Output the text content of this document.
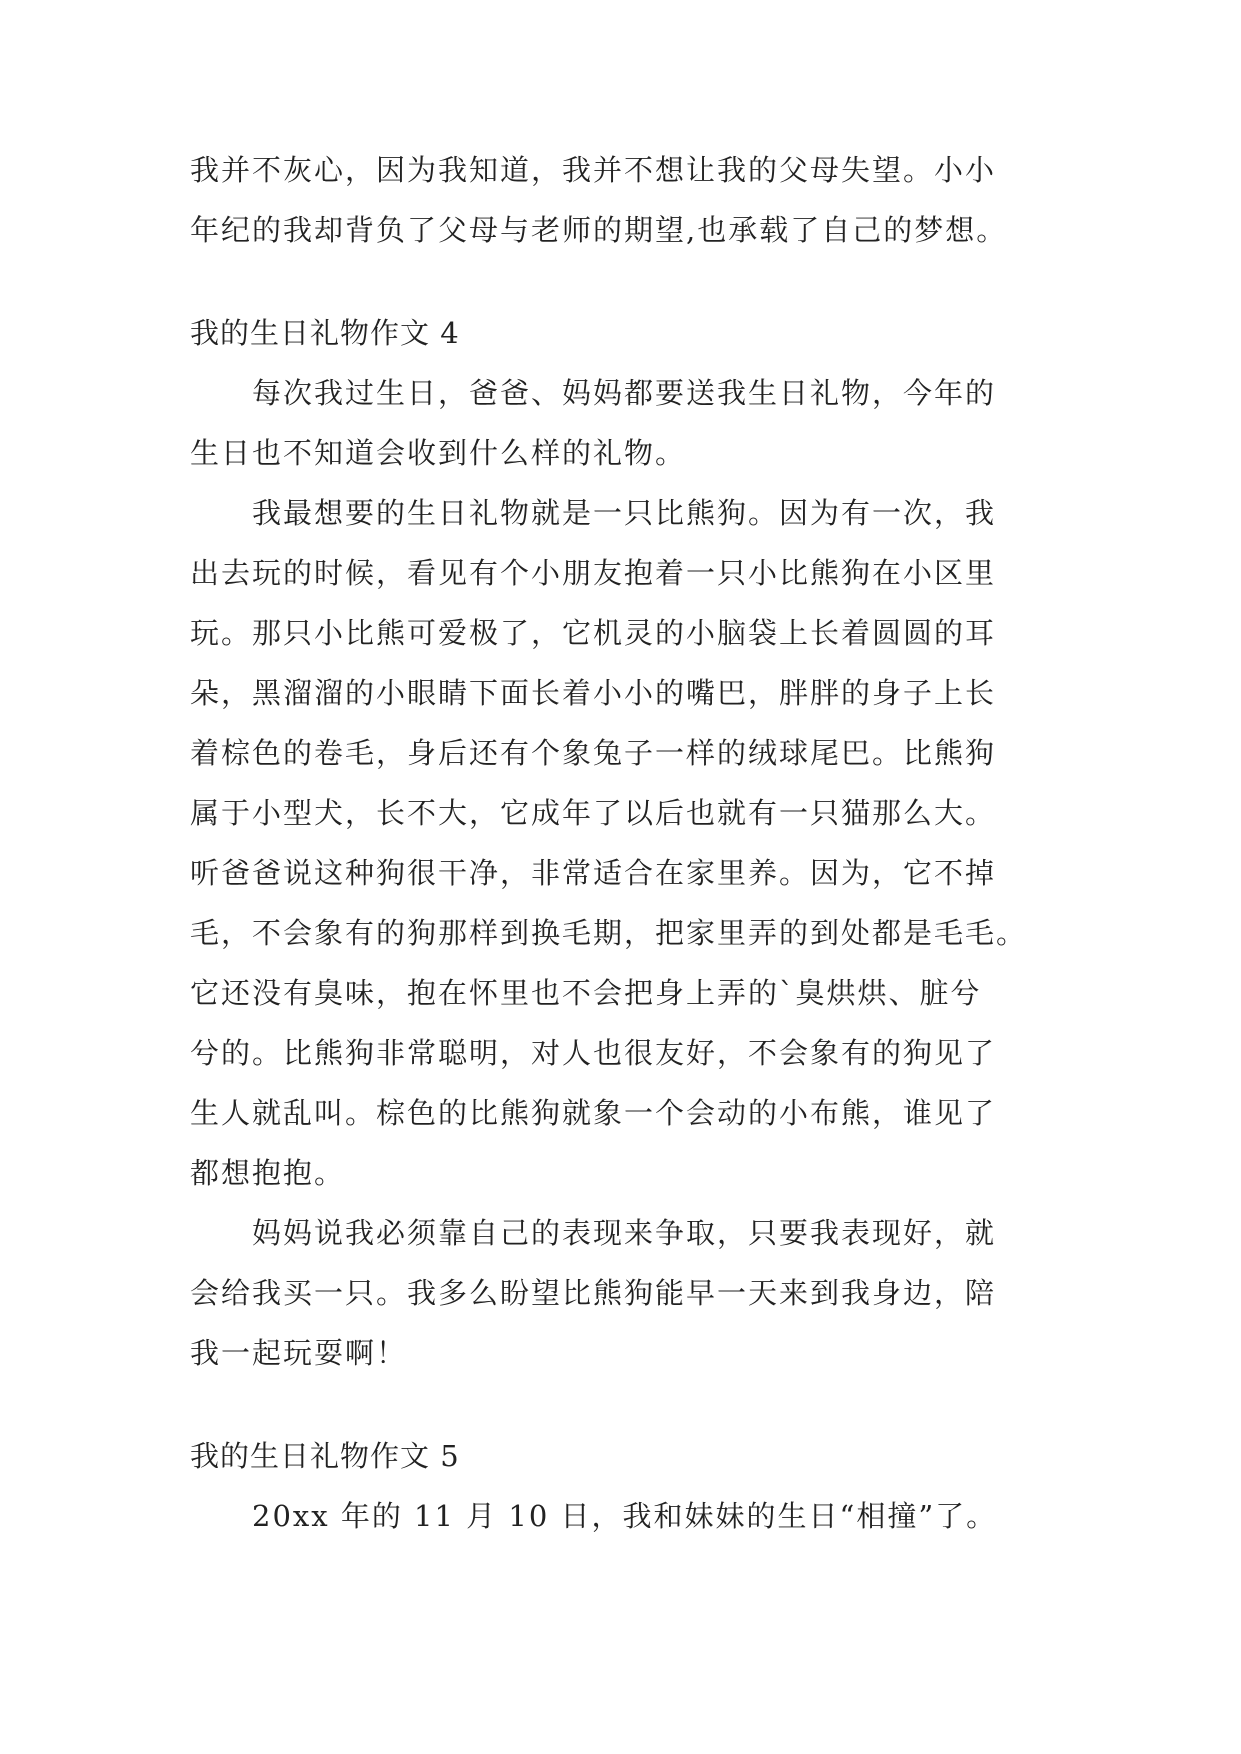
我并不灰心，因为我知道，我并不想让我的父母失望。小小
年纪的我却背负了父母与老师的期望,也承载了自己的梦想。
我的生日礼物作文 4
每次我过生日，爸爸、妈妈都要送我生日礼物，今年的
生日也不知道会收到什么样的礼物。
我最想要的生日礼物就是一只比熊狗。因为有一次，我
出去玩的时候，看见有个小朋友抱着一只小比熊狗在小区里
玩。那只小比熊可爱极了，它机灵的小脑袋上长着圆圆的耳
朵，黑溜溜的小眼睛下面长着小小的嘴巴，胖胖的身子上长
着棕色的卷毛，身后还有个象兔子一样的绒球尾巴。比熊狗
属于小型犬，长不大，它成年了以后也就有一只猫那么大。
听爸爸说这种狗很干净，非常适合在家里养。因为，它不掉
毛，不会象有的狗那样到换毛期，把家里弄的到处都是毛毛。
它还没有臭味，抱在怀里也不会把身上弄的`臭烘烘、脏兮
兮的。比熊狗非常聪明，对人也很友好，不会象有的狗见了
生人就乱叫。棕色的比熊狗就象一个会动的小布熊，谁见了
都想抱抱。
妈妈说我必须靠自己的表现来争取，只要我表现好，就
会给我买一只。我多么盼望比熊狗能早一天来到我身边，陪
我一起玩耍啊！
我的生日礼物作文 5
20xx 年的 11 月 10 日，我和妹妹的生日“相撞”了。
